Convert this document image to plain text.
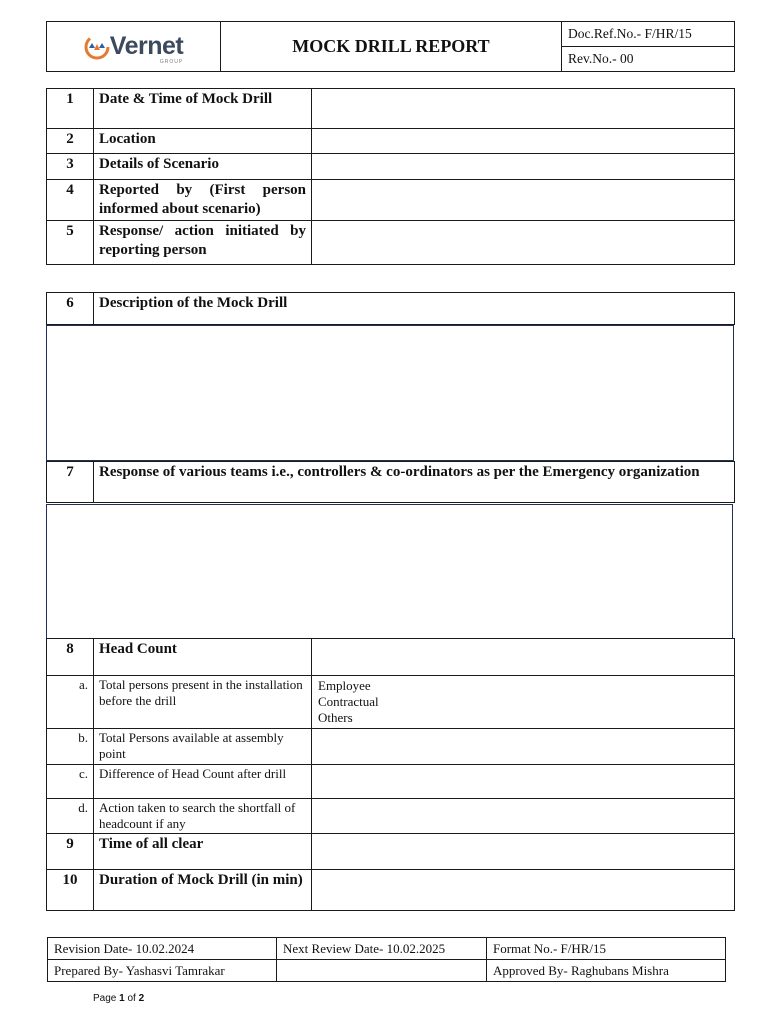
Vernet
GROUP
	MOCK DRILL REPORT	Doc.Ref.No.- F/HR/15
Rev.No.- 00
1	Date & Time of Mock Drill	
2	Location	
3	Details of Scenario	
4	Reported by (First person informed about scenario)	
5	Response/ action initiated by reporting person	
6	Description of the Mock Drill
7	Response of various teams i.e., controllers & co-ordinators as per the Emergency organization
8	Head Count	
a.	Total persons present in the installation before the drill	Employee
Contractual
Others

b.	Total Persons available at assembly point	
c.	Difference of Head Count after drill	
d.	Action taken to search the shortfall of headcount if any	
9	Time of all clear	
10	Duration of Mock Drill (in min)	
Revision Date- 10.02.2024	Next Review Date- 10.02.2025	Format No.- F/HR/15
Prepared By- Yashasvi Tamrakar		Approved By- Raghubans Mishra
Page 1 of 2
